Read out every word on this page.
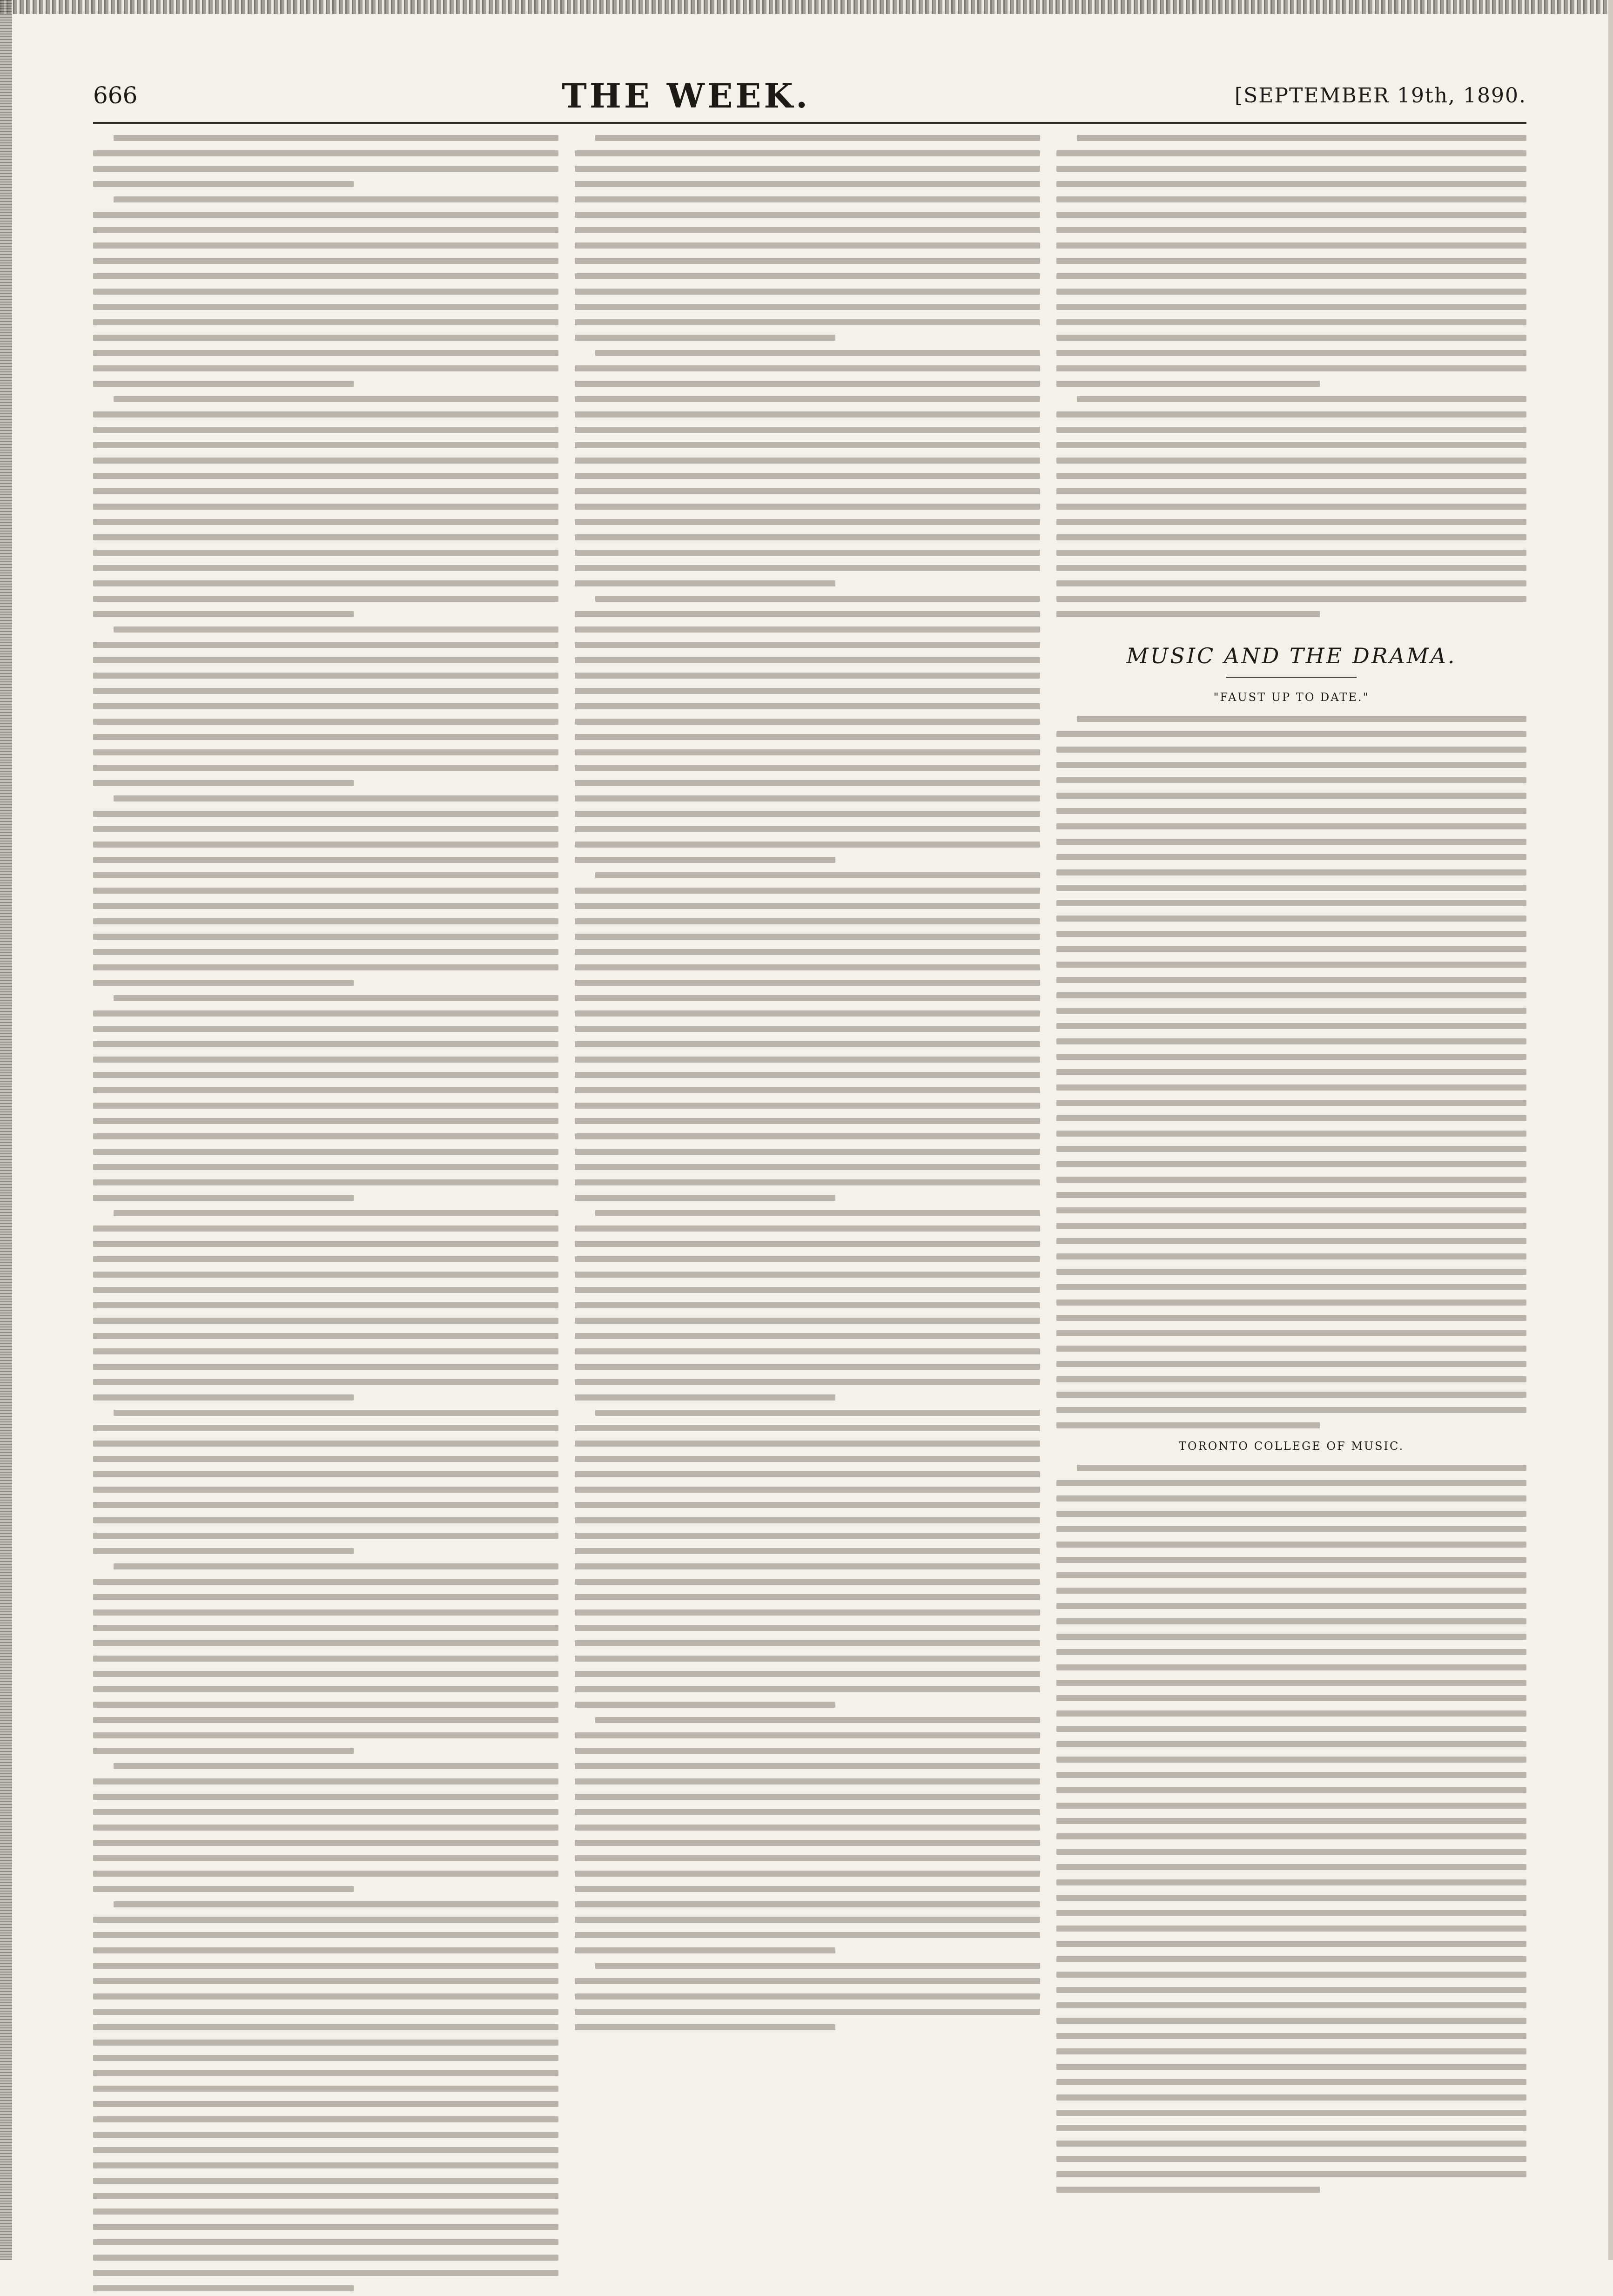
666	THE WEEK.	[SEPTEMBER 19th, 1890.
MUSIC AND THE DRAMA.
"FAUST UP TO DATE."
TORONTO COLLEGE OF MUSIC.
